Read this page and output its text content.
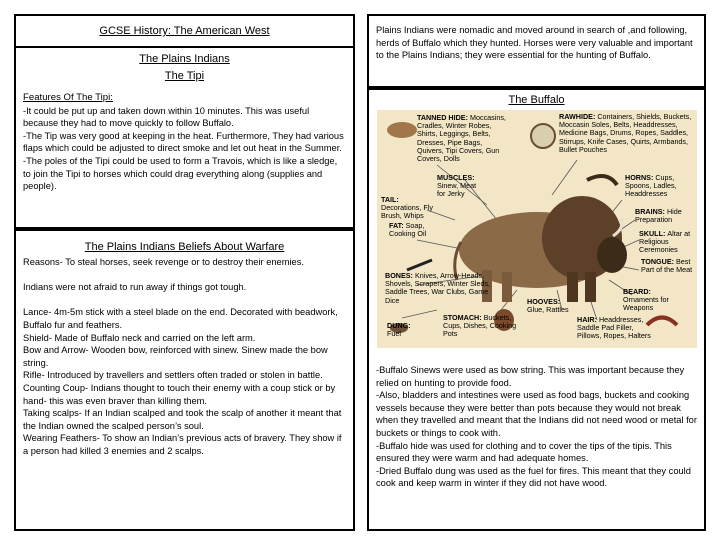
GCSE History: The American West

The Plains Indians

The Tipi

Features Of The Tipi:

-It could be put up and taken down within 10 minutes. This was useful because they had to move quickly to follow Buffalo.

-The Tip was very good at keeping in the heat. Furthermore, They had various flaps which could be adjusted to direct smoke and let out heat in the Summer.

-The poles of the Tipi could be used to form a Travois, which is like a sledge, to join the Tipi to horses which could drag everything along (supplies and people).

The Plains Indians Beliefs About Warfare

Reasons- To steal horses, seek revenge or to destroy their enemies.

Indians were not afraid to run away if things got tough.

Lance- 4m-5m stick with a steel blade on the end. Decorated with beadwork, Buffalo fur and feathers.

Shield- Made of Buffalo neck and carried on the left arm.

Bow and Arrow- Wooden bow, reinforced with sinew. Sinew made the bow string.

Rifle- Introduced by travellers and settlers often traded or stolen in battle.

Counting Coup- Indians thought to touch their enemy with a coup stick or by hand- this was even braver than killing them.

Taking scalps- If an Indian scalped and took the scalp of another it meant that the Indian owned the scalped person’s soul.

Wearing Feathers- To show an Indian’s previous acts of bravery. They show if a person had killed 3 enemies and 2 scalps.

Plains Indians were nomadic and moved around in search of ,and following, herds of Buffalo which they hunted. Horses were very valuable and important to the Plains Indians; they were essential for the hunting of Buffalo.

The Buffalo

TANNED HIDE: Moccasins, Cradles, Winter Robes, Shirts, Leggings, Belts, Dresses, Pipe Bags, Quivers, Tipi Covers, Gun Covers, Dolls
RAWHIDE: Containers, Shields, Buckets, Moccasin Soles, Belts, Headdresses, Medicine Bags, Drums, Ropes, Saddles, Stirrups, Knife Cases, Quirts, Armbands, Bullet Pouches
MUSCLES: Sinew, Meat for Jerky
HORNS: Cups, Spoons, Ladles, Headdresses
TAIL: Decorations, Fly Brush, Whips	BRAINS: Hide Preparation
FAT: Soap, Cooking Oil	SKULL: Altar at Religious Ceremonies
TONGUE: Best Part of the Meat
BONES: Knives, Arrow-Heads, Shovels, Scrapers, Winter Sleds, Saddle Trees, War Clubs, Game Dice
BEARD: Ornaments for Weapons
HOOVES: Glue, Rattles
DUNG: Fuel
STOMACH: Buckets, Cups, Dishes, Cooking Pots
HAIR: Headdresses, Saddle Pad Filler, Pillows, Ropes, Halters

-Buffalo Sinews were used as bow string. This was important because they relied on hunting to provide food.

-Also, bladders and intestines were used as food bags, buckets and cooking vessels because they were better than pots because they would not break when they travelled and meant that the Indians did not need wood or metal for buckets or things to cook with.

-Buffalo hide was used for clothing and to cover the tips of the tipis. This ensured they were warm and had adequate homes.

-Dried Buffalo dung was used as the fuel for fires. This meant that they could cook and keep warm in winter if they did not have wood.
